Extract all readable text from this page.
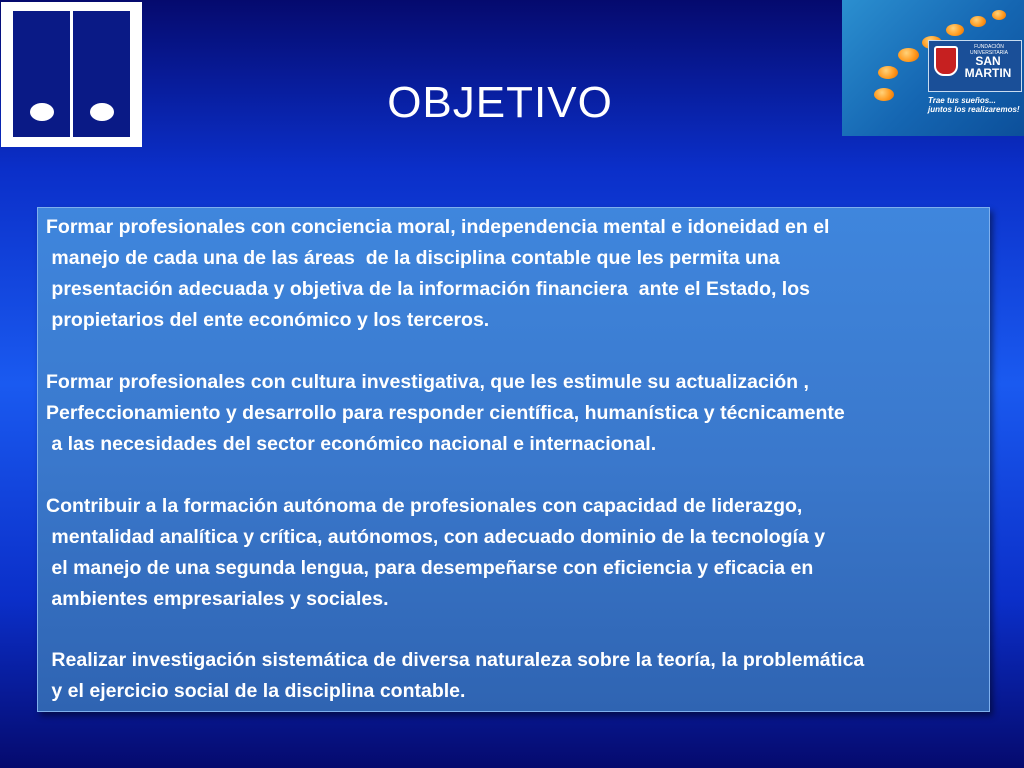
OBJETIVO
FUNDACIÓN UNIVERSITARIA
SAN
MARTIN
Trae tus sueños...
juntos los realizaremos!

Formar profesionales con conciencia moral, independencia mental e idoneidad en el
manejo de cada una de las áreas  de la disciplina contable que les permita una
presentación adecuada y objetiva de la información financiera  ante el Estado, los
propietarios del ente económico y los terceros.

Formar profesionales con cultura investigativa, que les estimule su actualización ,
Perfeccionamiento y desarrollo para responder científica, humanística y técnicamente
a las necesidades del sector económico nacional e internacional.

Contribuir a la formación autónoma de profesionales con capacidad de liderazgo,
mentalidad analítica y crítica, autónomos, con adecuado dominio de la tecnología y
el manejo de una segunda lengua, para desempeñarse con eficiencia y eficacia en
ambientes empresariales y sociales.

Realizar investigación sistemática de diversa naturaleza sobre la teoría, la problemática
y el ejercicio social de la disciplina contable.
